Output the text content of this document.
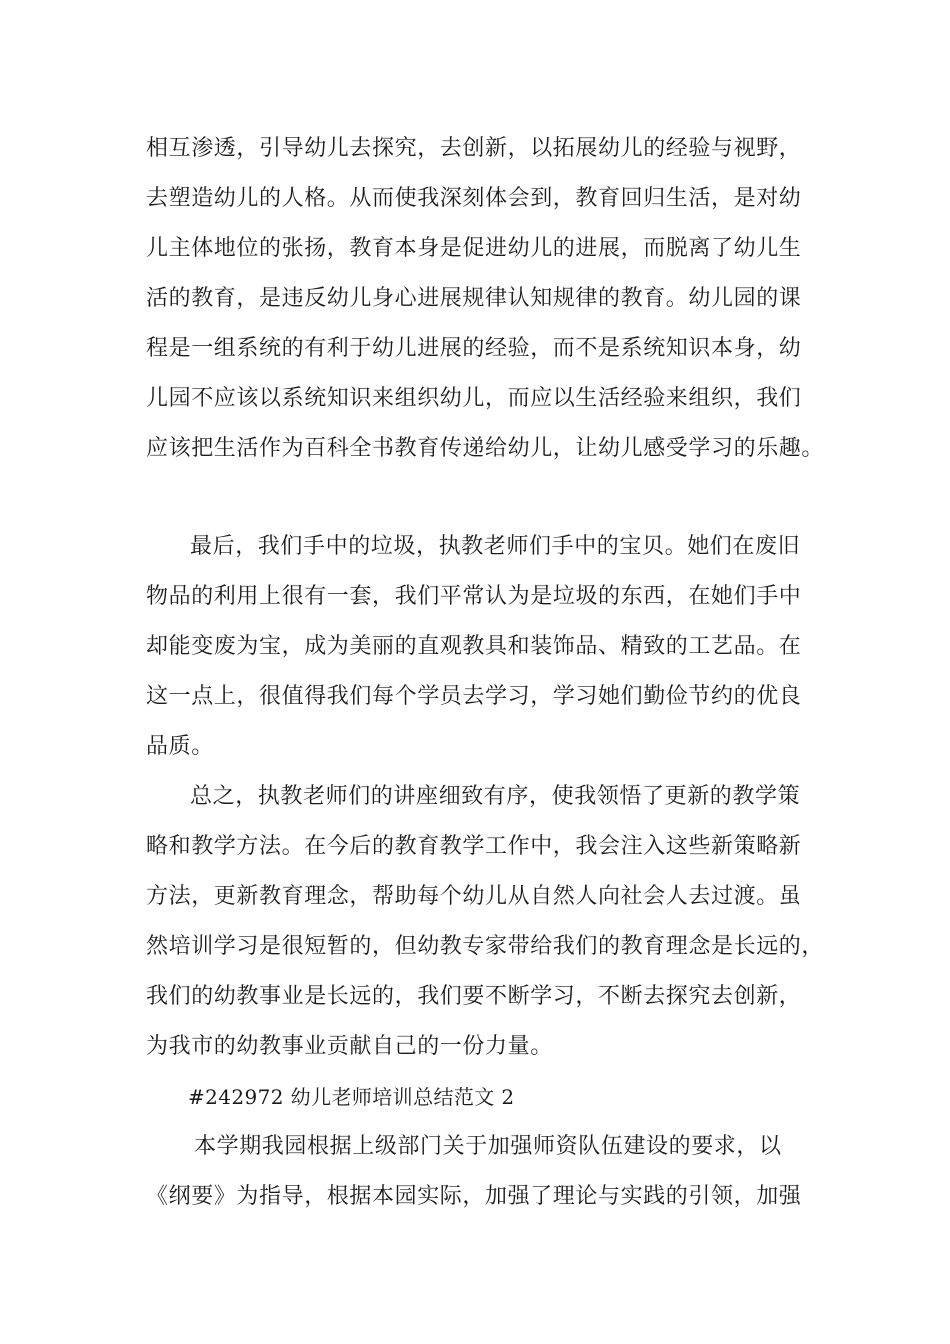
相互渗透，引导幼儿去探究，去创新，以拓展幼儿的经验与视野，
去塑造幼儿的人格。从而使我深刻体会到，教育回归生活，是对幼
儿主体地位的张扬，教育本身是促进幼儿的进展，而脱离了幼儿生
活的教育，是违反幼儿身心进展规律认知规律的教育。幼儿园的课
程是一组系统的有利于幼儿进展的经验，而不是系统知识本身，幼
儿园不应该以系统知识来组织幼儿，而应以生活经验来组织，我们
应该把生活作为百科全书教育传递给幼儿，让幼儿感受学习的乐趣。
最后，我们手中的垃圾，执教老师们手中的宝贝。她们在废旧
物品的利用上很有一套，我们平常认为是垃圾的东西，在她们手中
却能变废为宝，成为美丽的直观教具和装饰品、精致的工艺品。在
这一点上，很值得我们每个学员去学习，学习她们勤俭节约的优良
品质。
总之，执教老师们的讲座细致有序，使我领悟了更新的教学策
略和教学方法。在今后的教育教学工作中，我会注入这些新策略新
方法，更新教育理念，帮助每个幼儿从自然人向社会人去过渡。虽
然培训学习是很短暂的，但幼教专家带给我们的教育理念是长远的，
我们的幼教事业是长远的，我们要不断学习，不断去探究去创新，
为我市的幼教事业贡献自己的一份力量。
#242972 幼儿老师培训总结范文 2
本学期我园根据上级部门关于加强师资队伍建设的要求，以
《纲要》为指导，根据本园实际，加强了理论与实践的引领，加强
